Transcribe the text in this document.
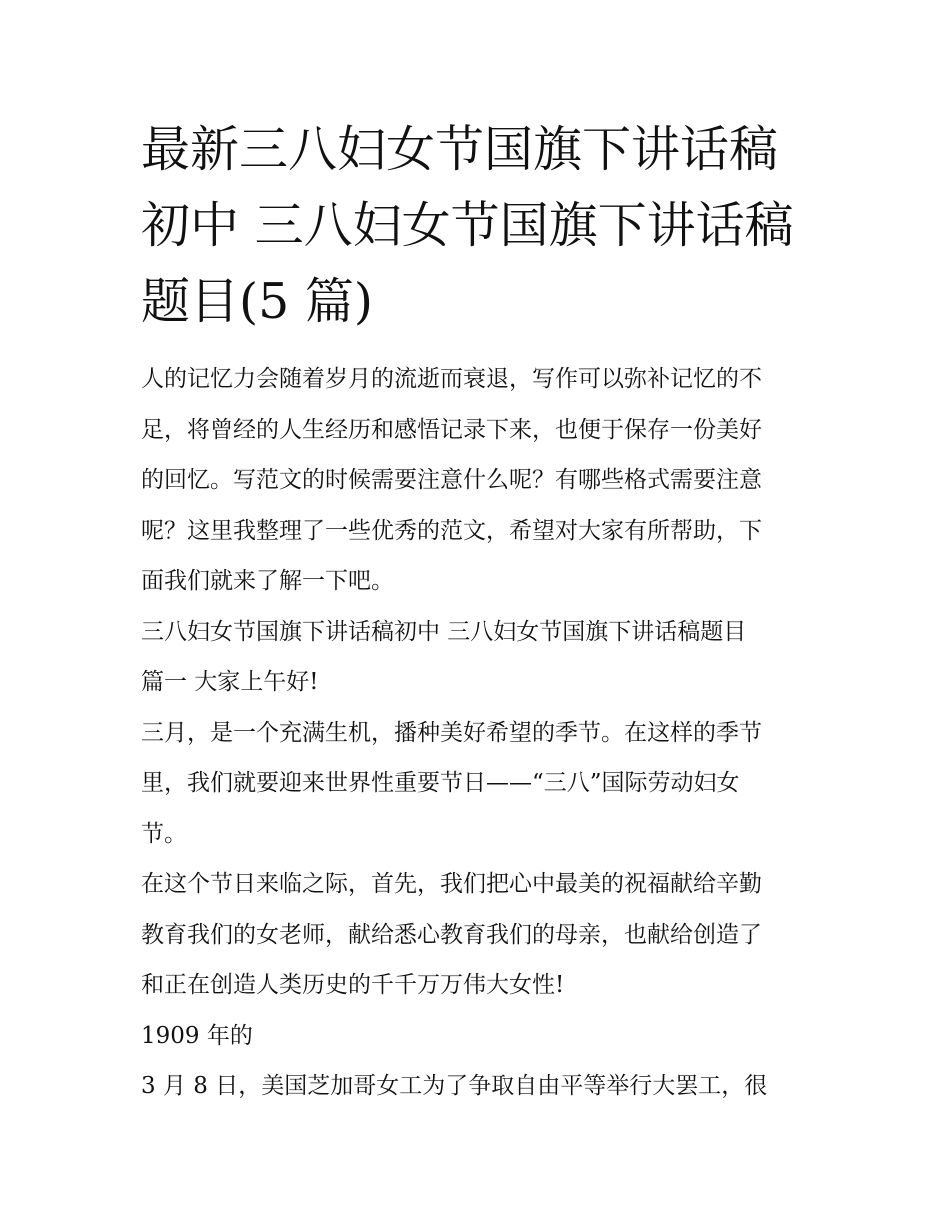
最新三八妇女节国旗下讲话稿
初中 三八妇女节国旗下讲话稿
题目(5 篇)

人的记忆力会随着岁月的流逝而衰退，写作可以弥补记忆的不
足，将曾经的人生经历和感悟记录下来，也便于保存一份美好
的回忆。写范文的时候需要注意什么呢？有哪些格式需要注意
呢？这里我整理了一些优秀的范文，希望对大家有所帮助，下
面我们就来了解一下吧。

三八妇女节国旗下讲话稿初中 三八妇女节国旗下讲话稿题目
篇一 大家上午好!

三月，是一个充满生机，播种美好希望的季节。在这样的季节
里，我们就要迎来世界性重要节日——“三八”国际劳动妇女
节。

在这个节日来临之际，首先，我们把心中最美的祝福献给辛勤
教育我们的女老师，献给悉心教育我们的母亲，也献给创造了
和正在创造人类历史的千千万万伟大女性!

1909 年的

3 月 8 日，美国芝加哥女工为了争取自由平等举行大罢工，很
